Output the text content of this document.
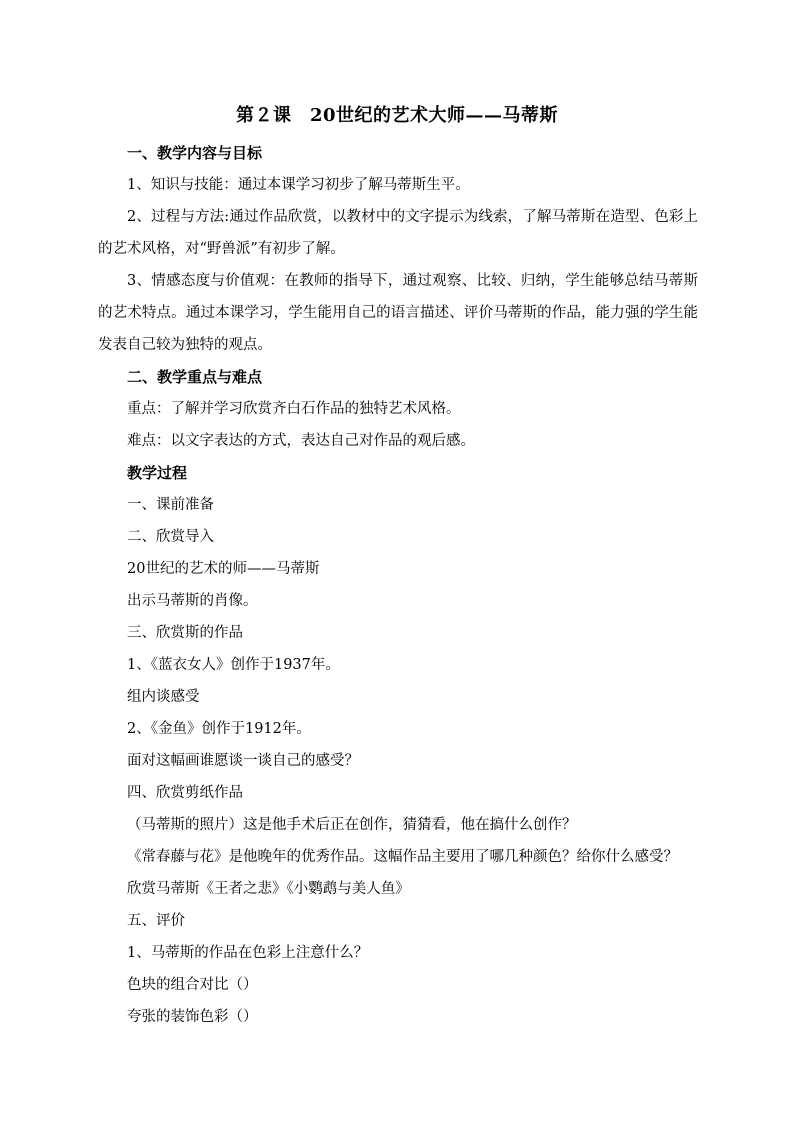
第２课　20世纪的艺术大师——马蒂斯
一、教学内容与目标
1、知识与技能：通过本课学习初步了解马蒂斯生平。
2、过程与方法:通过作品欣赏，以教材中的文字提示为线索，了解马蒂斯在造型、色彩上的艺术风格，对“野兽派”有初步了解。
3、情感态度与价值观：在教师的指导下，通过观察、比较、归纳，学生能够总结马蒂斯的艺术特点。通过本课学习，学生能用自己的语言描述、评价马蒂斯的作品，能力强的学生能发表自己较为独特的观点。
二、教学重点与难点
重点：了解并学习欣赏齐白石作品的独特艺术风格。
难点：以文字表达的方式，表达自己对作品的观后感。
教学过程
一、课前准备
二、欣赏导入
20世纪的艺术的师——马蒂斯
出示马蒂斯的肖像。
三、欣赏斯的作品
1、《蓝衣女人》创作于1937年。
组内谈感受
2、《金鱼》创作于1912年。
面对这幅画谁愿谈一谈自己的感受？
四、欣赏剪纸作品
（马蒂斯的照片）这是他手术后正在创作，猜猜看，他在搞什么创作？
《常春藤与花》是他晚年的优秀作品。这幅作品主要用了哪几种颜色？给你什么感受？
欣赏马蒂斯《王者之悲》《小鹦鹉与美人鱼》
五、评价
1、马蒂斯的作品在色彩上注意什么？
色块的组合对比（）
夸张的装饰色彩（）
